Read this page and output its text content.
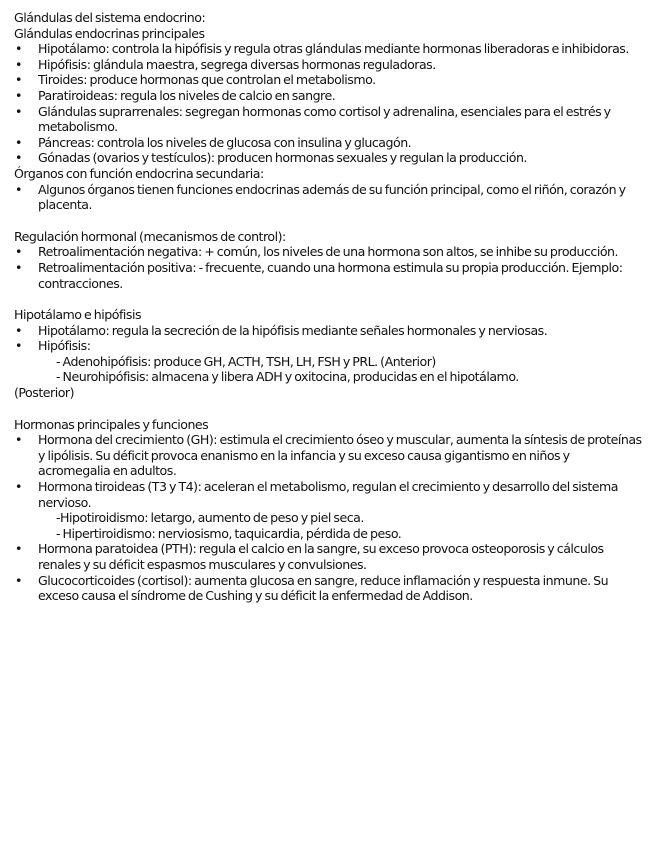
Glándulas del sistema endocrino:

Glándulas endocrinas principales

• Hipotálamo: controla la hipófisis y regula otras glándulas mediante hormonas liberadoras e inhibidoras.
• Hipófisis: glándula maestra, segrega diversas hormonas reguladoras.
• Tiroides: produce hormonas que controlan el metabolismo.
• Paratiroideas: regula los niveles de calcio en sangre.
• Glándulas suprarrenales: segregan hormonas como cortisol y adrenalina, esenciales para el estrés y metabolismo.
• Páncreas: controla los niveles de glucosa con insulina y glucagón.
• Gónadas (ovarios y testículos): producen hormonas sexuales y regulan la producción.

Órganos con función endocrina secundaria:

• Algunos órganos tienen funciones endocrinas además de su función principal, como el riñón, corazón y placenta.

Regulación hormonal (mecanismos de control):

• Retroalimentación negativa: + común, los niveles de una hormona son altos, se inhibe su producción.
• Retroalimentación positiva: - frecuente, cuando una hormona estimula su propia producción. Ejemplo: contracciones.

Hipotálamo e hipófisis

• Hipotálamo: regula la secreción de la hipófisis mediante señales hormonales y nerviosas.
• Hipófisis:

- Adenohipófisis: produce GH, ACTH, TSH, LH, FSH y PRL. (Anterior)

- Neurohipófisis: almacena y libera ADH y oxitocina, producidas en el hipotálamo.

(Posterior)

Hormonas principales y funciones

• Hormona del crecimiento (GH): estimula el crecimiento óseo y muscular, aumenta la síntesis de proteínas y lipólisis. Su déficit provoca enanismo en la infancia y su exceso causa gigantismo en niños y acromegalia en adultos.
• Hormona tiroideas (T3 y T4): aceleran el metabolismo, regulan el crecimiento y desarrollo del sistema nervioso.

-Hipotiroidismo: letargo, aumento de peso y piel seca.

- Hipertiroidismo: nerviosismo, taquicardia, pérdida de peso.

• Hormona paratoidea (PTH): regula el calcio en la sangre, su exceso provoca osteoporosis y cálculos renales y su déficit espasmos musculares y convulsiones.
• Glucocorticoides (cortisol): aumenta glucosa en sangre, reduce inflamación y respuesta inmune. Su exceso causa el síndrome de Cushing y su déficit la enfermedad de Addison.
